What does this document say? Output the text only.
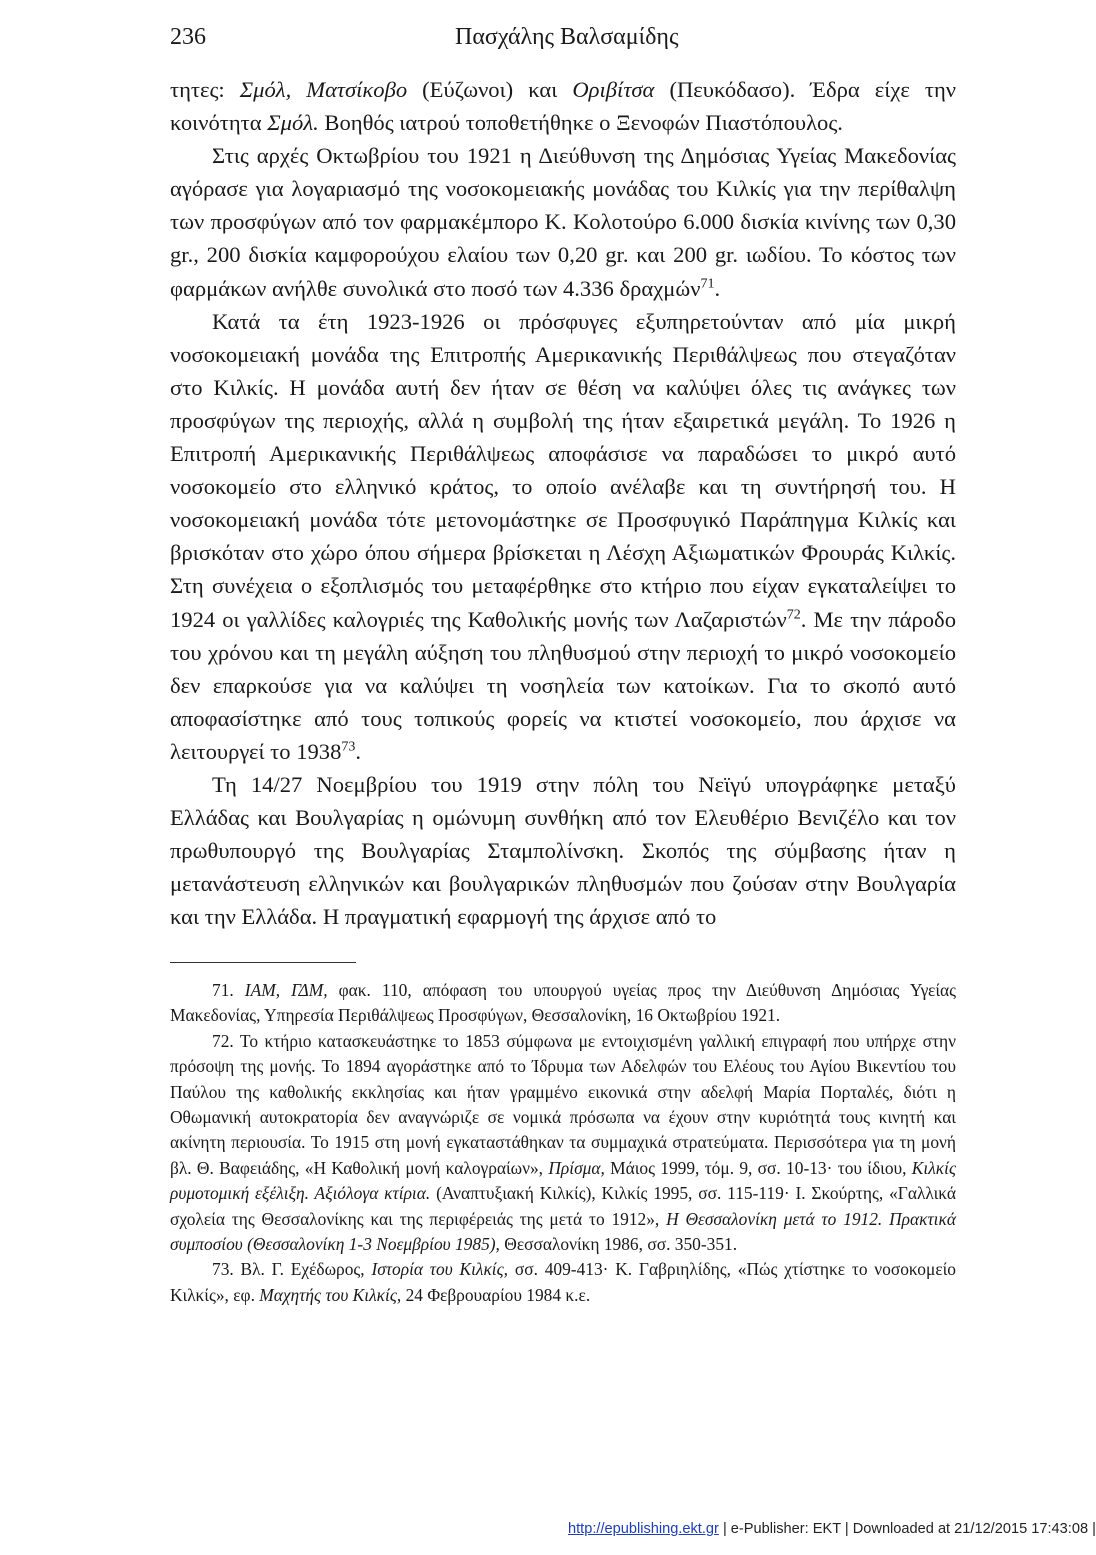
236	Πασχάλης Βαλσαμίδης

τητες: Σμόλ, Ματσίκοβο (Εύζωνοι) και Οριβίτσα (Πευκόδασο). Έδρα είχε την κοινότητα Σμόλ. Βοηθός ιατρού τοποθετήθηκε ο Ξενοφών Πιαστόπουλος.

Στις αρχές Οκτωβρίου του 1921 η Διεύθυνση της Δημόσιας Υγείας Μακεδονίας αγόρασε για λογαριασμό της νοσοκομειακής μονάδας του Κιλκίς για την περίθαλψη των προσφύγων από τον φαρμακέμπορο Κ. Κολοτούρο 6.000 δισκία κινίνης των 0,30 gr., 200 δισκία καμφορούχου ελαίου των 0,20 gr. και 200 gr. ιωδίου. Το κόστος των φαρμάκων ανήλθε συνολικά στο ποσό των 4.336 δραχμών$^{71}$.

Κατά τα έτη 1923-1926 οι πρόσφυγες εξυπηρετούνταν από μία μικρή νοσοκομειακή μονάδα της Επιτροπής Αμερικανικής Περιθάλψεως που στεγαζόταν στο Κιλκίς. Η μονάδα αυτή δεν ήταν σε θέση να καλύψει όλες τις ανάγκες των προσφύγων της περιοχής, αλλά η συμβολή της ήταν εξαιρετικά μεγάλη. Το 1926 η Επιτροπή Αμερικανικής Περιθάλψεως αποφάσισε να παραδώσει το μικρό αυτό νοσοκομείο στο ελληνικό κράτος, το οποίο ανέλαβε και τη συντήρησή του. Η νοσοκομειακή μονάδα τότε μετονομάστηκε σε Προσφυγικό Παράπηγμα Κιλκίς και βρισκόταν στο χώρο όπου σήμερα βρίσκεται η Λέσχη Αξιωματικών Φρουράς Κιλκίς. Στη συνέχεια ο εξοπλισμός του μεταφέρθηκε στο κτήριο που είχαν εγκαταλείψει το 1924 οι γαλλίδες καλογριές της Καθολικής μονής των Λαζαριστών$^{72}$. Με την πάροδο του χρόνου και τη μεγάλη αύξηση του πληθυσμού στην περιοχή το μικρό νοσοκομείο δεν επαρκούσε για να καλύψει τη νοσηλεία των κατοίκων. Για το σκοπό αυτό αποφασίστηκε από τους τοπικούς φορείς να κτιστεί νοσοκομείο, που άρχισε να λειτουργεί το 1938$^{73}$.

Τη 14/27 Νοεμβρίου του 1919 στην πόλη του Νεϊγύ υπογράφηκε μεταξύ Ελλάδας και Βουλγαρίας η ομώνυμη συνθήκη από τον Ελευθέριο Βενιζέλο και τον πρωθυπουργό της Βουλγαρίας Σταμπολίνσκη. Σκοπός της σύμβασης ήταν η μετανάστευση ελληνικών και βουλγαρικών πληθυσμών που ζούσαν στην Βουλγαρία και την Ελλάδα. Η πραγματική εφαρμογή της άρχισε από το

71. ΙΑΜ, ΓΔΜ, φακ. 110, απόφαση του υπουργού υγείας προς την Διεύθυνση Δημόσιας Υγείας Μακεδονίας, Υπηρεσία Περιθάλψεως Προσφύγων, Θεσσαλονίκη, 16 Οκτωβρίου 1921.

72. Το κτήριο κατασκευάστηκε το 1853 σύμφωνα με εντοιχισμένη γαλλική επιγραφή που υπήρχε στην πρόσοψη της μονής. Το 1894 αγοράστηκε από το Ίδρυμα των Αδελφών του Ελέους του Αγίου Βικεντίου του Παύλου της καθολικής εκκλησίας και ήταν γραμμένο εικονικά στην αδελφή Μαρία Πορταλές, διότι η Οθωμανική αυτοκρατορία δεν αναγνώριζε σε νομικά πρόσωπα να έχουν στην κυριότητά τους κινητή και ακίνητη περιουσία. Το 1915 στη μονή εγκαταστάθηκαν τα συμμαχικά στρατεύματα. Περισσότερα για τη μονή βλ. Θ. Βαφειάδης, «Η Καθολική μονή καλογραίων», Πρίσμα, Μάιος 1999, τόμ. 9, σσ. 10-13· του ίδιου, Κιλκίς ρυμοτομική εξέλιξη. Αξιόλογα κτίρια. (Αναπτυξιακή Κιλκίς), Κιλκίς 1995, σσ. 115-119· Ι. Σκούρτης, «Γαλλικά σχολεία της Θεσσαλονίκης και της περιφέρειάς της μετά το 1912», Η Θεσσαλονίκη μετά το 1912. Πρακτικά συμποσίου (Θεσσαλονίκη 1-3 Νοεμβρίου 1985), Θεσσαλονίκη 1986, σσ. 350-351.

73. Βλ. Γ. Εχέδωρος, Ιστορία του Κιλκίς, σσ. 409-413· Κ. Γαβριηλίδης, «Πώς χτίστηκε το νοσοκομείο Κιλκίς», εφ. Μαχητής του Κιλκίς, 24 Φεβρουαρίου 1984 κ.ε.

http://epublishing.ekt.gr | e-Publisher: EKT | Downloaded at 21/12/2015 17:43:08 |
